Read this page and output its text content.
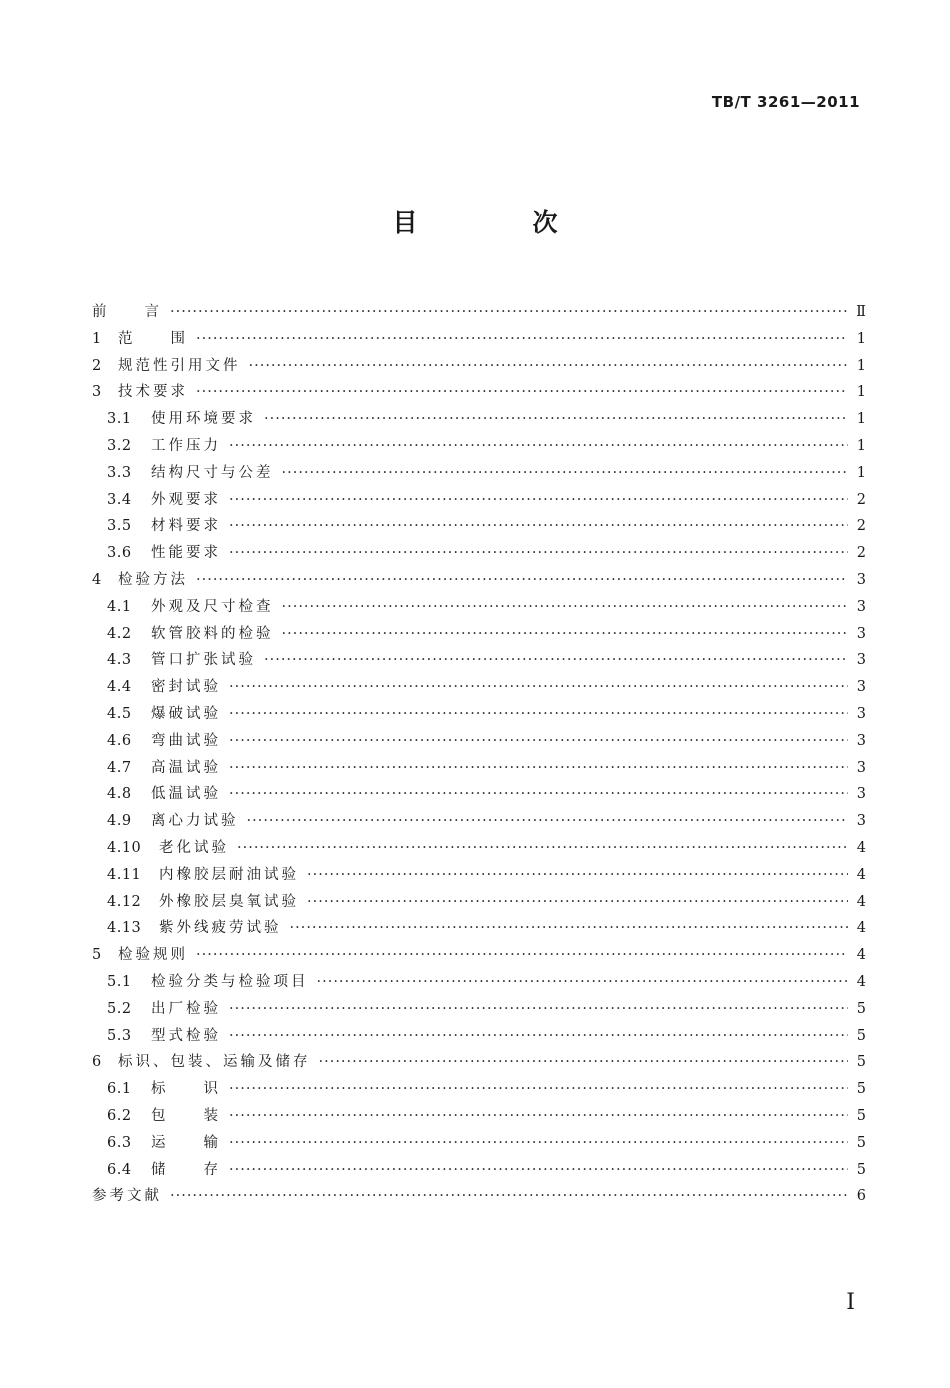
TB/T 3261—2011
目　次
前　　言 ·····	Ⅱ
1	范　　围 ·····	1
2	规范性引用文件 ·····	1
3	技术要求 ·····	1
3.1	使用环境要求 ·····	1
3.2	工作压力 ·····	1
3.3	结构尺寸与公差 ·····	1
3.4	外观要求 ·····	2
3.5	材料要求 ·····	2
3.6	性能要求 ·····	2
4	检验方法 ·····	3
4.1	外观及尺寸检查 ·····	3
4.2	软管胶料的检验 ·····	3
4.3	管口扩张试验 ·····	3
4.4	密封试验 ·····	3
4.5	爆破试验 ·····	3
4.6	弯曲试验 ·····	3
4.7	高温试验 ·····	3
4.8	低温试验 ·····	3
4.9	离心力试验 ·····	3
4.10	老化试验 ·····	4
4.11	内橡胶层耐油试验 ·····	4
4.12	外橡胶层臭氧试验 ·····	4
4.13	紫外线疲劳试验 ·····	4
5	检验规则 ·····	4
5.1	检验分类与检验项目 ·····	4
5.2	出厂检验 ·····	5
5.3	型式检验 ·····	5
6	标识、包装、运输及储存 ·····	5
6.1	标　　识 ·····	5
6.2	包　　装 ·····	5
6.3	运　　输 ·····	5
6.4	储　　存 ·····	5
参考文献 ·····	6
I
